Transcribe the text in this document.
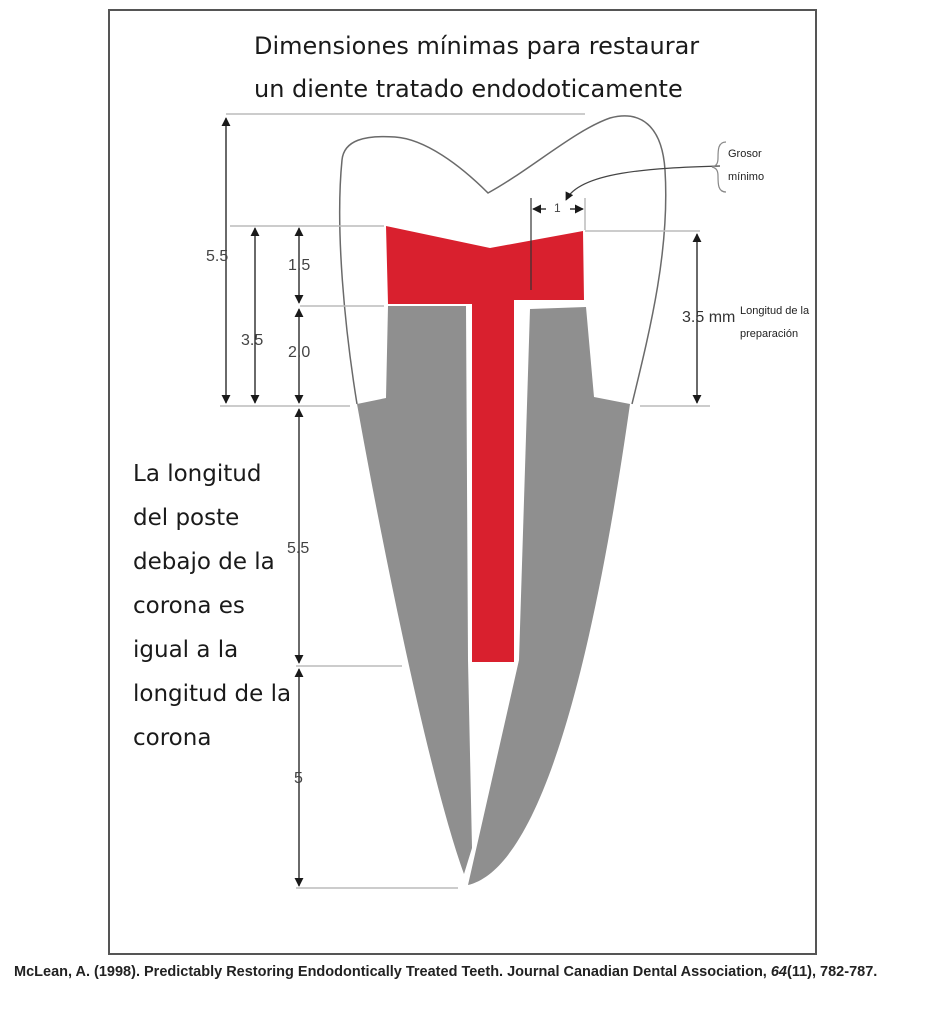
Dimensiones mínimas para restaurar
un diente tratado endodoticamente
La longitud
del poste
debajo de la
corona es
igual a la
longitud de la
corona
5.5
3.5
1.5
2.0
5.5
5
1
3.5 mm
Grosor
mínimo
Longitud de la
preparación
McLean, A. (1998). Predictably Restoring Endodontically Treated Teeth. Journal Canadian Dental Association, 64(11), 782-787.
